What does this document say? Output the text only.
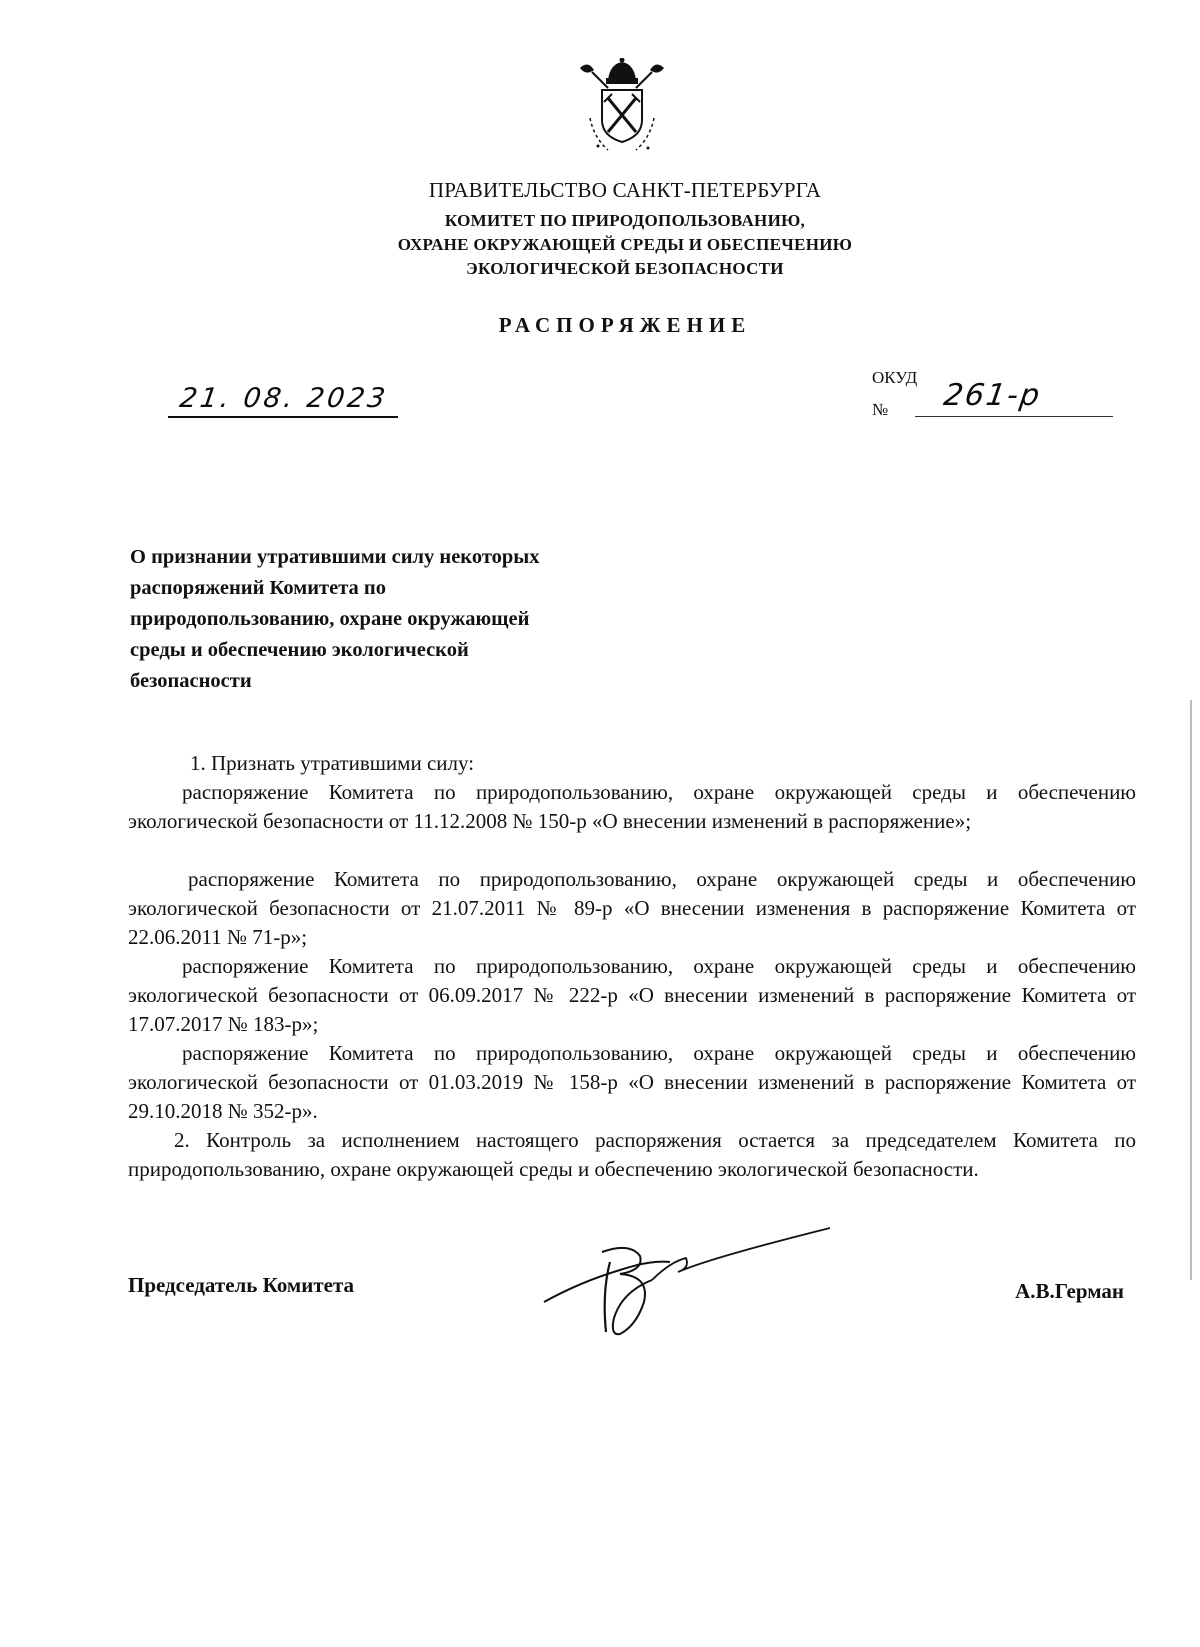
ПРАВИТЕЛЬСТВО САНКТ-ПЕТЕРБУРГА
КОМИТЕТ ПО ПРИРОДОПОЛЬЗОВАНИЮ,
ОХРАНЕ ОКРУЖАЮЩЕЙ СРЕДЫ И ОБЕСПЕЧЕНИЮ
ЭКОЛОГИЧЕСКОЙ БЕЗОПАСНОСТИ
РАСПОРЯЖЕНИЕ
21. 08. 2023
ОКУД
№ 261-р
О признании утратившими силу некоторых распоряжений Комитета по природопользованию, охране окружающей среды и обеспечению экологической безопасности
1. Признать утратившими силу:
распоряжение Комитета по природопользованию, охране окружающей среды и обеспечению экологической безопасности от 11.12.2008 № 150-р «О внесении изменений в распоряжение»;
распоряжение Комитета по природопользованию, охране окружающей среды и обеспечению экологической безопасности от 21.07.2011 № 89-р «О внесении изменения в распоряжение Комитета от 22.06.2011 № 71-р»;
распоряжение Комитета по природопользованию, охране окружающей среды и обеспечению экологической безопасности от 06.09.2017 № 222-р «О внесении изменений в распоряжение Комитета от 17.07.2017 № 183-р»;
распоряжение Комитета по природопользованию, охране окружающей среды и обеспечению экологической безопасности от 01.03.2019 № 158-р «О внесении изменений в распоряжение Комитета от 29.10.2018 № 352-р».
2. Контроль за исполнением настоящего распоряжения остается за председателем Комитета по природопользованию, охране окружающей среды и обеспечению экологической безопасности.
Председатель Комитета	А.В.Герман
